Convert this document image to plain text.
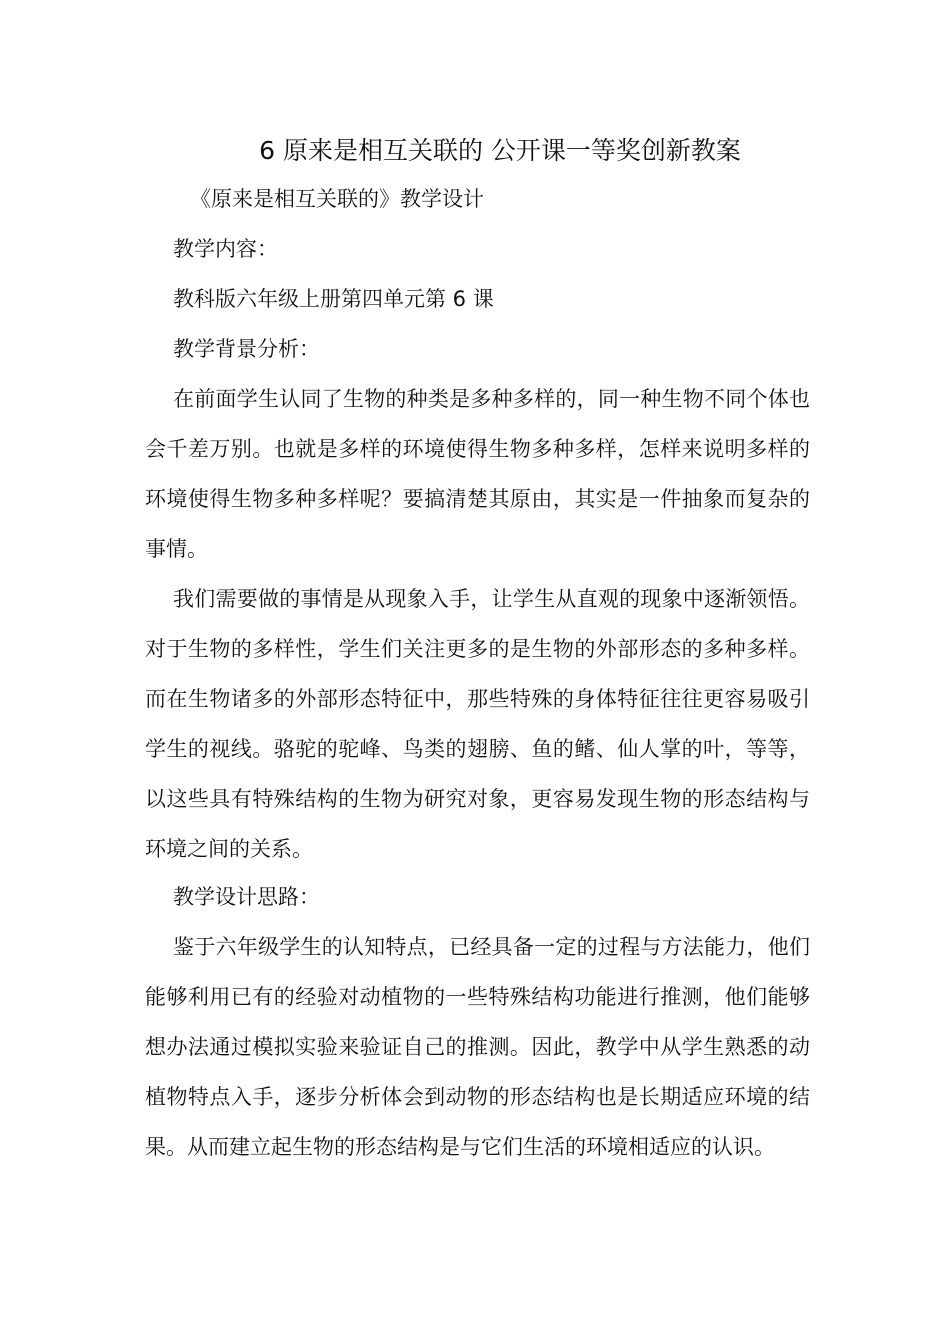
6 原来是相互关联的 公开课一等奖创新教案
《原来是相互关联的》教学设计
教学内容：
教科版六年级上册第四单元第 6 课
教学背景分析：

在前面学生认同了生物的种类是多种多样的，同一种生物不同个体也会千差万别。也就是多样的环境使得生物多种多样，怎样来说明多样的环境使得生物多种多样呢？要搞清楚其原由，其实是一件抽象而复杂的事情。

我们需要做的事情是从现象入手，让学生从直观的现象中逐渐领悟。对于生物的多样性，学生们关注更多的是生物的外部形态的多种多样。而在生物诸多的外部形态特征中，那些特殊的身体特征往往更容易吸引学生的视线。骆驼的驼峰、鸟类的翅膀、鱼的鳍、仙人掌的叶，等等，以这些具有特殊结构的生物为研究对象，更容易发现生物的形态结构与环境之间的关系。

教学设计思路：

鉴于六年级学生的认知特点，已经具备一定的过程与方法能力，他们能够利用已有的经验对动植物的一些特殊结构功能进行推测，他们能够想办法通过模拟实验来验证自己的推测。因此，教学中从学生熟悉的动植物特点入手，逐步分析体会到动物的形态结构也是长期适应环境的结果。从而建立起生物的形态结构是与它们生活的环境相适应的认识。
